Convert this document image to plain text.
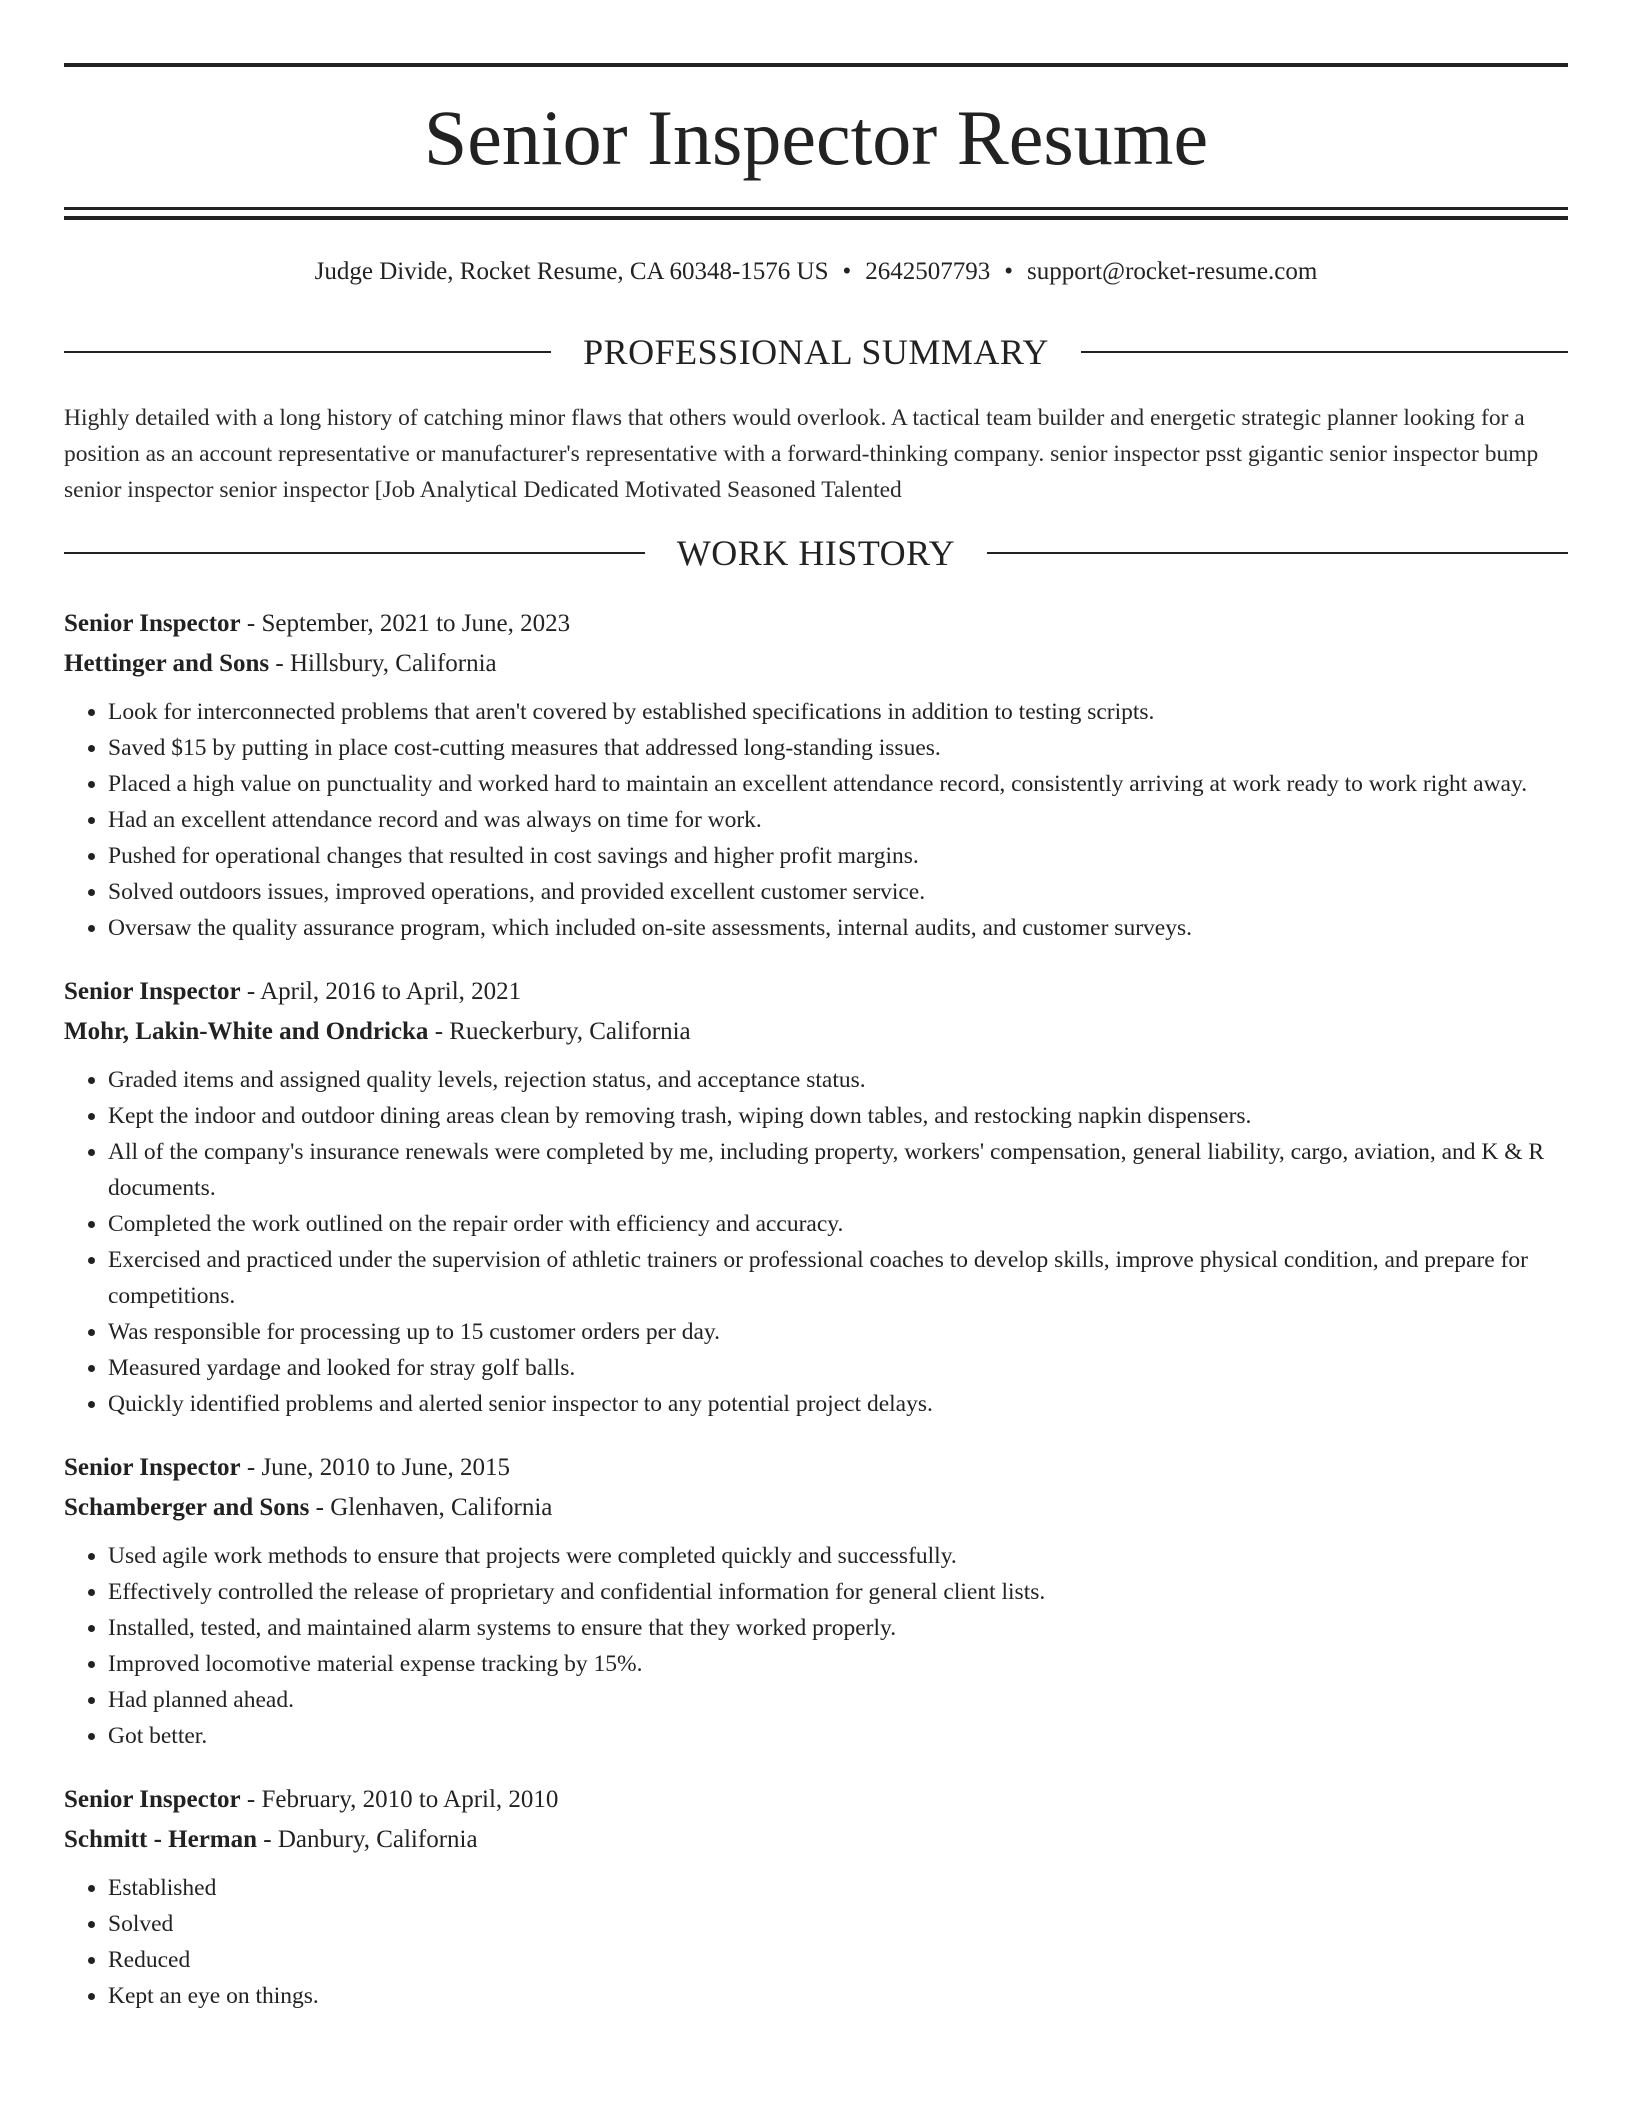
Senior Inspector Resume
Judge Divide, Rocket Resume, CA 60348-1576 US • 2642507793 • support@rocket-resume.com
PROFESSIONAL SUMMARY

Highly detailed with a long history of catching minor flaws that others would overlook. A tactical team builder and energetic strategic planner looking for a position as an account representative or manufacturer's representative with a forward-thinking company. senior inspector psst gigantic senior inspector bump senior inspector senior inspector [Job Analytical Dedicated Motivated Seasoned Talented

WORK HISTORY
Senior Inspector - September, 2021 to June, 2023
Hettinger and Sons - Hillsbury, California
• Look for interconnected problems that aren't covered by established specifications in addition to testing scripts.
• Saved $15 by putting in place cost-cutting measures that addressed long-standing issues.
• Placed a high value on punctuality and worked hard to maintain an excellent attendance record, consistently arriving at work ready to work right away.
• Had an excellent attendance record and was always on time for work.
• Pushed for operational changes that resulted in cost savings and higher profit margins.
• Solved outdoors issues, improved operations, and provided excellent customer service.
• Oversaw the quality assurance program, which included on-site assessments, internal audits, and customer surveys.
Senior Inspector - April, 2016 to April, 2021
Mohr, Lakin-White and Ondricka - Rueckerbury, California
• Graded items and assigned quality levels, rejection status, and acceptance status.
• Kept the indoor and outdoor dining areas clean by removing trash, wiping down tables, and restocking napkin dispensers.
• All of the company's insurance renewals were completed by me, including property, workers' compensation, general liability, cargo, aviation, and K & R documents.
• Completed the work outlined on the repair order with efficiency and accuracy.
• Exercised and practiced under the supervision of athletic trainers or professional coaches to develop skills, improve physical condition, and prepare for competitions.
• Was responsible for processing up to 15 customer orders per day.
• Measured yardage and looked for stray golf balls.
• Quickly identified problems and alerted senior inspector to any potential project delays.
Senior Inspector - June, 2010 to June, 2015
Schamberger and Sons - Glenhaven, California
• Used agile work methods to ensure that projects were completed quickly and successfully.
• Effectively controlled the release of proprietary and confidential information for general client lists.
• Installed, tested, and maintained alarm systems to ensure that they worked properly.
• Improved locomotive material expense tracking by 15%.
• Had planned ahead.
• Got better.
Senior Inspector - February, 2010 to April, 2010
Schmitt - Herman - Danbury, California
• Established
• Solved
• Reduced
• Kept an eye on things.
